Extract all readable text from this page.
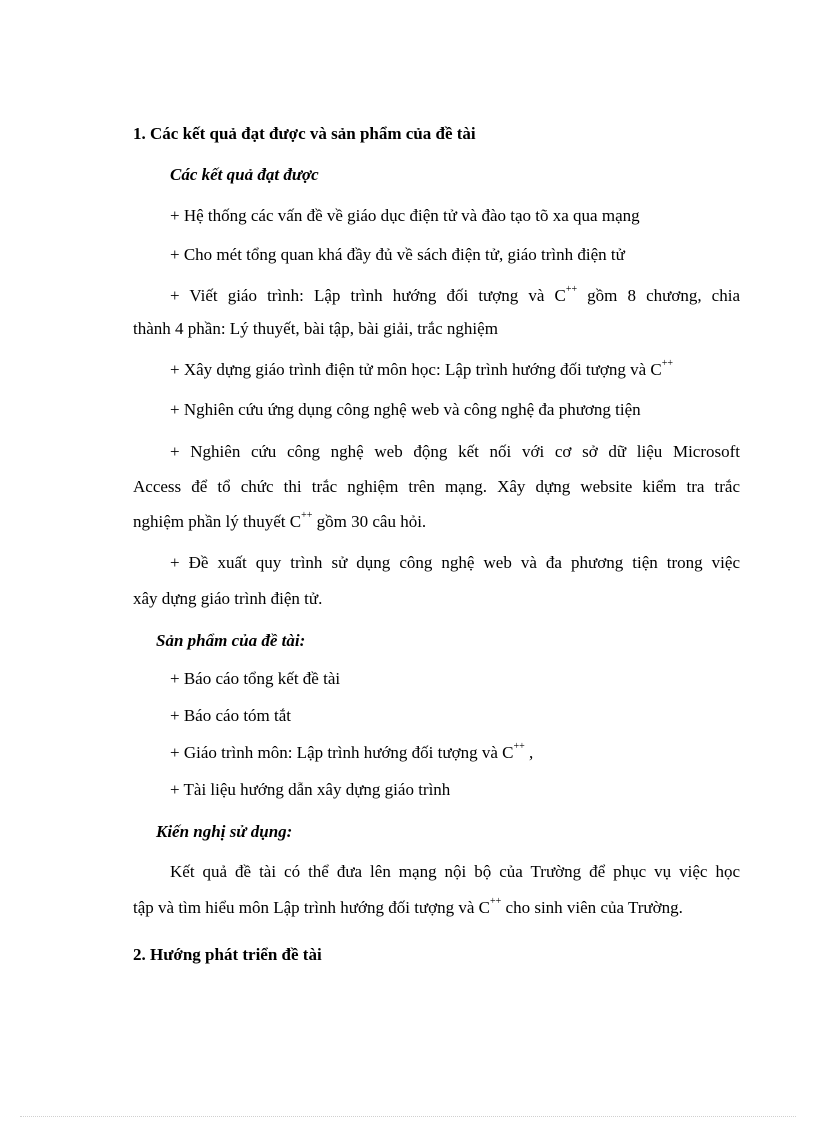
1. Các kết quả đạt được và sản phẩm của đề tài
Các kết quả đạt được
+ Hệ thống các vấn đề về giáo dục điện tử và đào tạo tõ xa qua mạng
+ Cho mét tổng quan khá đầy đủ về sách điện tử, giáo trình điện tử
+ Viết giáo trình: Lập trình hướng đối tượng và C++ gồm 8 chương, chia
thành 4 phần: Lý thuyết, bài tập, bài giải, trắc nghiệm
+ Xây dựng giáo trình điện tử môn học: Lập trình hướng đối tượng và C++
+ Nghiên cứu ứng dụng công nghệ web và công nghệ đa phương tiện
+ Nghiên cứu công nghệ web động kết nối với cơ sở dữ liệu Microsoft
Access để tổ chức thi trắc nghiệm trên mạng. Xây dựng website kiểm tra trắc
nghiệm phần lý thuyết C++ gồm 30 câu hỏi.
+ Đề xuất quy trình sử dụng công nghệ web và đa phương tiện trong việc
xây dựng giáo trình điện tử.
Sản phẩm của đề tài:
+ Báo cáo tổng kết đề tài
+ Báo cáo tóm tắt
+ Giáo trình môn: Lập trình hướng đối tượng và C++ ,
+ Tài liệu hướng dẫn xây dựng giáo trình
Kiến nghị sử dụng:
Kết quả đề tài có thể đưa lên mạng nội bộ của Trường để phục vụ việc học
tập và tìm hiểu môn Lập trình hướng đối tượng và C++ cho sinh viên của Trường.
2. Hướng phát triển đề tài
